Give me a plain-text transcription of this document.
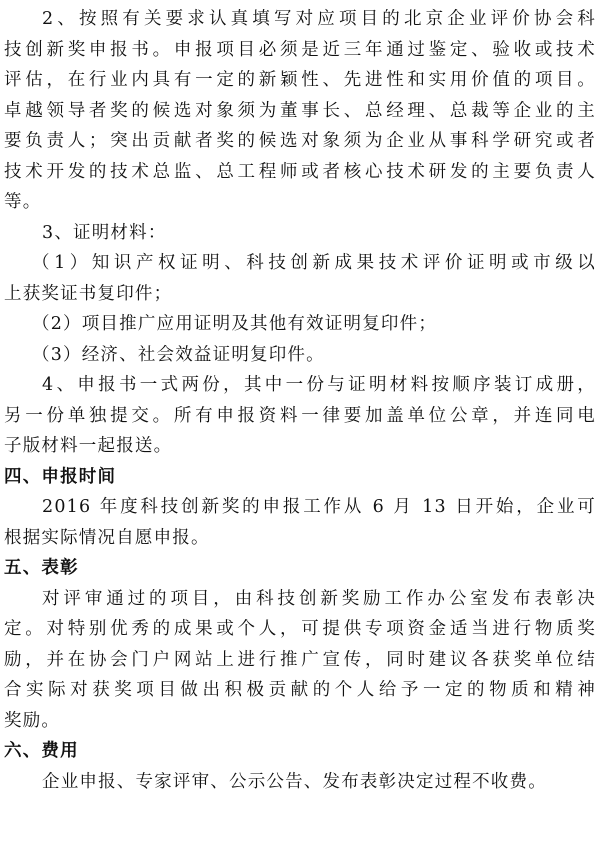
2、按照有关要求认真填写对应项目的北京企业评价协会科

技创新奖申报书。申报项目必须是近三年通过鉴定、验收或技术

评估，在行业内具有一定的新颖性、先进性和实用价值的项目。

卓越领导者奖的候选对象须为董事长、总经理、总裁等企业的主

要负责人；突出贡献者奖的候选对象须为企业从事科学研究或者

技术开发的技术总监、总工程师或者核心技术研发的主要负责人

等。

3、证明材料：

（1）知识产权证明、科技创新成果技术评价证明或市级以

上获奖证书复印件；

（2）项目推广应用证明及其他有效证明复印件；

（3）经济、社会效益证明复印件。

4、申报书一式两份，其中一份与证明材料按顺序装订成册，

另一份单独提交。所有申报资料一律要加盖单位公章，并连同电

子版材料一起报送。

四、申报时间

2016 年度科技创新奖的申报工作从 6 月 13 日开始，企业可

根据实际情况自愿申报。

五、表彰

对评审通过的项目，由科技创新奖励工作办公室发布表彰决

定。对特别优秀的成果或个人，可提供专项资金适当进行物质奖

励，并在协会门户网站上进行推广宣传，同时建议各获奖单位结

合实际对获奖项目做出积极贡献的个人给予一定的物质和精神

奖励。

六、费用

企业申报、专家评审、公示公告、发布表彰决定过程不收费。
